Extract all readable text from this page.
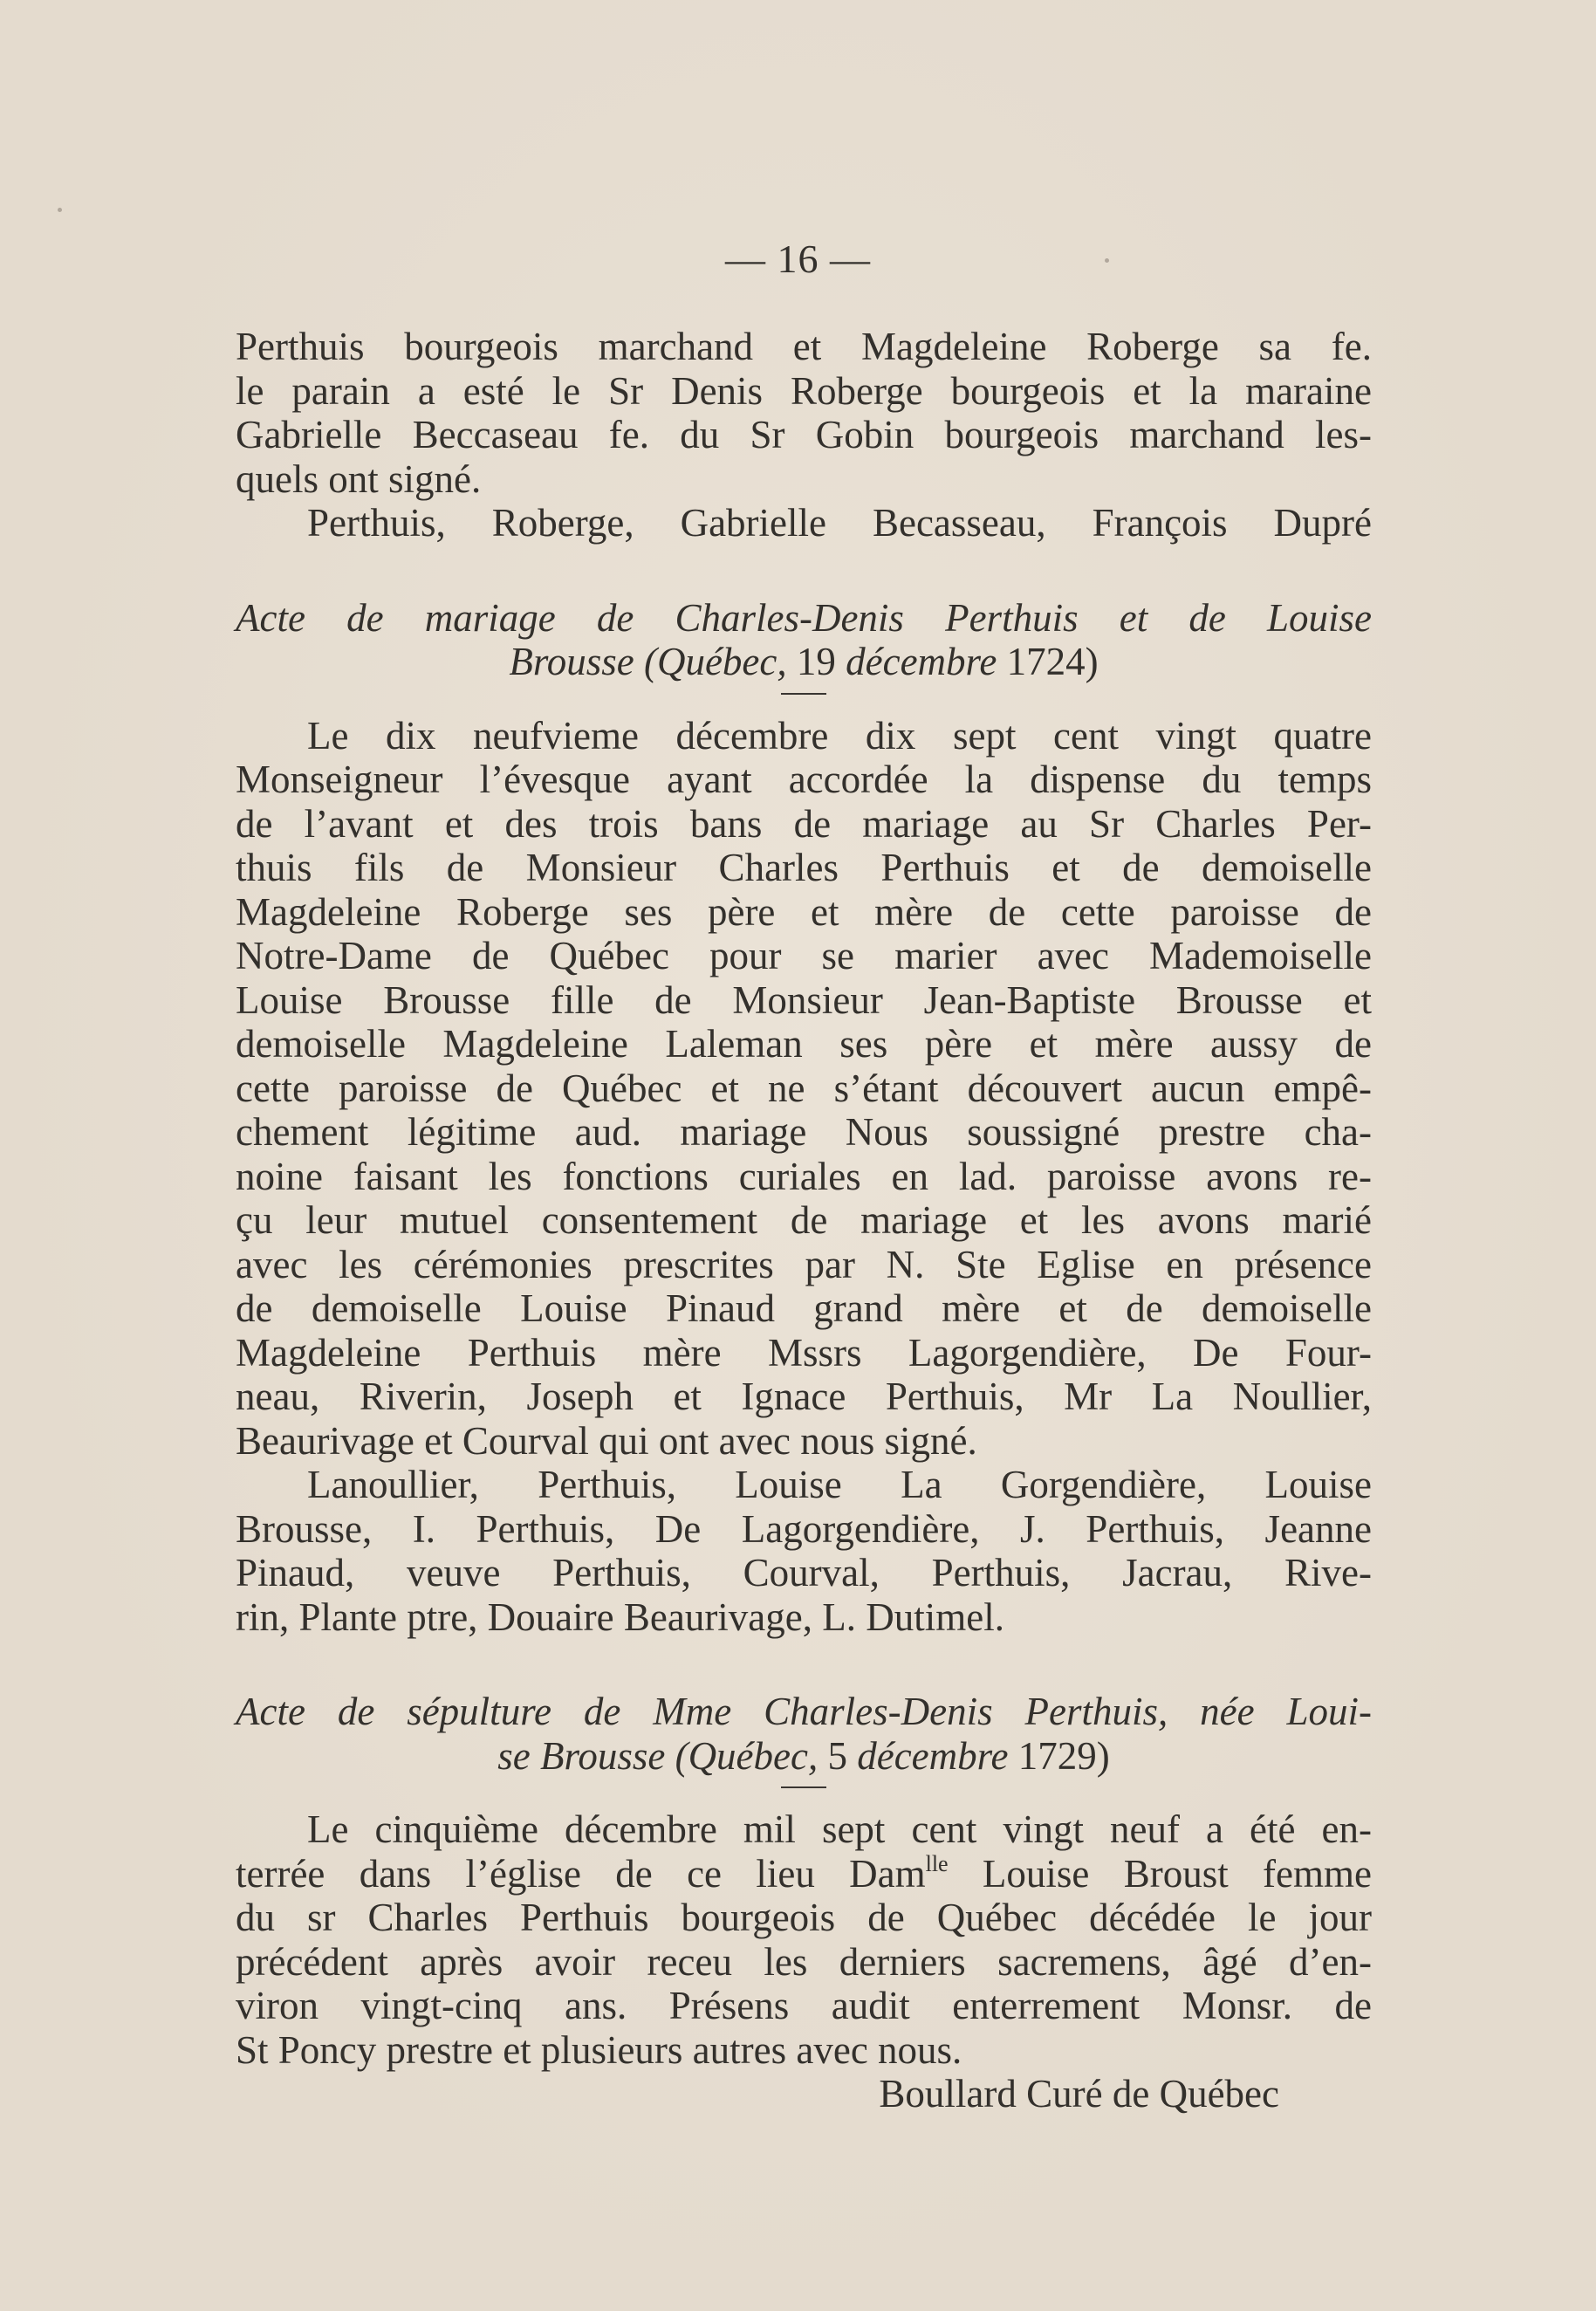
— 16 —
Perthuis bourgeois marchand et Magdeleine Roberge sa fe.
le parain a esté le Sr Denis Roberge bourgeois et la maraine
Gabrielle Beccaseau fe. du Sr Gobin bourgeois marchand les-
quels ont signé.
Perthuis, Roberge, Gabrielle Becasseau, François Dupré
Acte de mariage de Charles-Denis Perthuis et de Louise
Brousse (Québec, 19 décembre 1724)
Le dix neufvieme décembre dix sept cent vingt quatre
Monseigneur l’évesque ayant accordée la dispense du temps
de l’avant et des trois bans de mariage au Sr Charles Per-
thuis fils de Monsieur Charles Perthuis et de demoiselle
Magdeleine Roberge ses père et mère de cette paroisse de
Notre-Dame de Québec pour se marier avec Mademoiselle
Louise Brousse fille de Monsieur Jean-Baptiste Brousse et
demoiselle Magdeleine Laleman ses père et mère aussy de
cette paroisse de Québec et ne s’étant découvert aucun empê-
chement légitime aud. mariage Nous soussigné prestre cha-
noine faisant les fonctions curiales en lad. paroisse avons re-
çu leur mutuel consentement de mariage et les avons marié
avec les cérémonies prescrites par N. Ste Eglise en présence
de demoiselle Louise Pinaud grand mère et de demoiselle
Magdeleine Perthuis mère Mssrs Lagorgendière, De Four-
neau, Riverin, Joseph et Ignace Perthuis, Mr La Noullier,
Beaurivage et Courval qui ont avec nous signé.
Lanoullier, Perthuis, Louise La Gorgendière, Louise
Brousse, I. Perthuis, De Lagorgendière, J. Perthuis, Jeanne
Pinaud, veuve Perthuis, Courval, Perthuis, Jacrau, Rive-
rin, Plante ptre, Douaire Beaurivage, L. Dutimel.
Acte de sépulture de Mme Charles-Denis Perthuis, née Loui-
se Brousse (Québec, 5 décembre 1729)
Le cinquième décembre mil sept cent vingt neuf a été en-
terrée dans l’église de ce lieu Dam$^{lle}$ Louise Broust femme
du sr Charles Perthuis bourgeois de Québec décédée le jour
précédent après avoir receu les derniers sacremens, âgé d’en-
viron vingt-cinq ans. Présens audit enterrement Monsr. de
St Poncy prestre et plusieurs autres avec nous.
Boullard Curé de Québec
